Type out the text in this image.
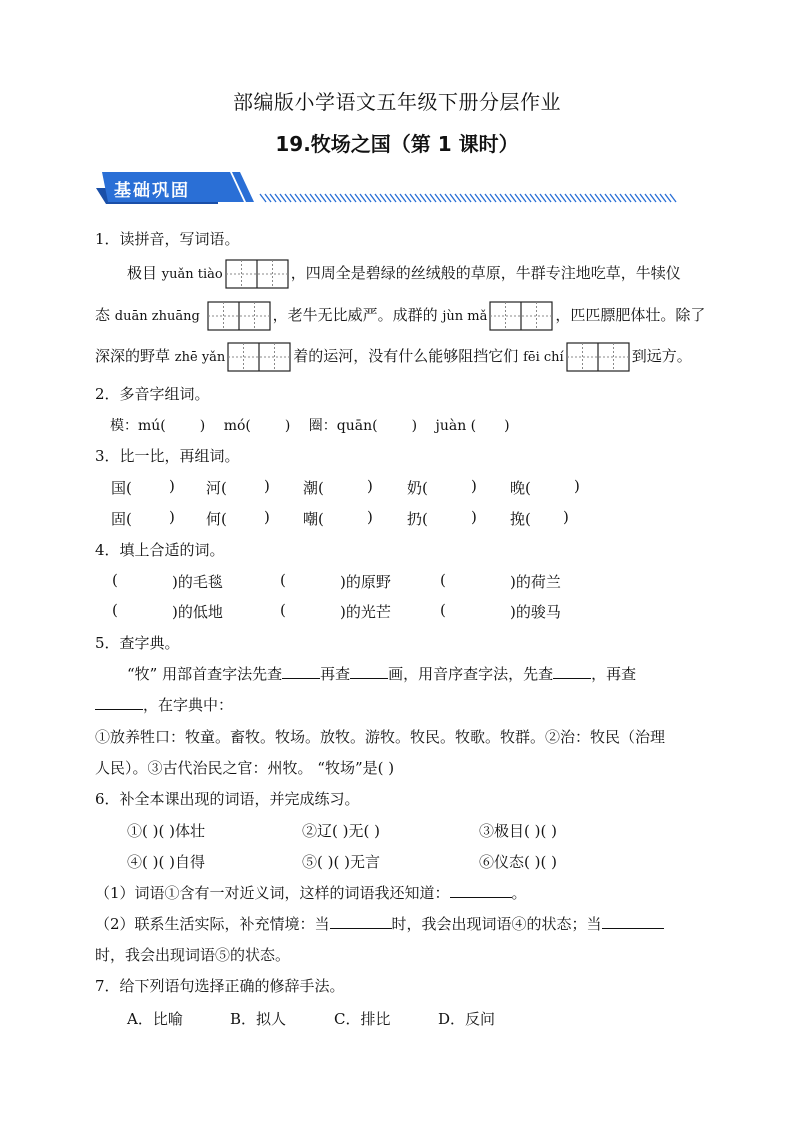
部编版小学语文五年级下册分层作业
19.牧场之国（第 1 课时）
基础巩固
1．读拼音，写词语。
极目 yuǎn tiào	，四周全是碧绿的丝绒般的草原，牛群专注地吃草，牛犊仪
态 duān zhuāng	，老牛无比威严。成群的 jùn mǎ	，匹匹膘肥体壮。除了
深深的野草 zhē yǎn	着的运河，没有什么能够阻挡它们 fēi chí	到远方。
2．多音字组词。
模：mú( ) mó( ) 圈：quān( ) juàn ( )
3．比一比，再组词。
国( ) 河( ) 潮(	) 奶(	) 晚(	)
固( ) 何( ) 嘲(	) 扔(	) 挽( )
4．填上合适的词。
(	)的毛毯	(	)的原野	(	)的荷兰
(	)的低地	(	)的光芒	(	)的骏马
5．查字典。
“牧” 用部首查字法先查	再查	画，用音序查字法，先查	，再查
，在字典中：
①放养牲口：牧童。畜牧。牧场。放牧。游牧。牧民。牧歌。牧群。②治：牧民（治理
人民）。③古代治民之官：州牧。 “牧场”是( )
6．补全本课出现的词语，并完成练习。
①( )( )体壮	②辽( )无( )	③极目( )( )
④( )( )自得	⑤( )( )无言	⑥仪态( )( )
（1）词语①含有一对近义词，这样的词语我还知道：	。
（2）联系生活实际，补充情境：当	时，我会出现词语④的状态；当
时，我会出现词语⑤的状态。
7．给下列语句选择正确的修辞手法。
A．比喻	B．拟人	C．排比	D．反问
